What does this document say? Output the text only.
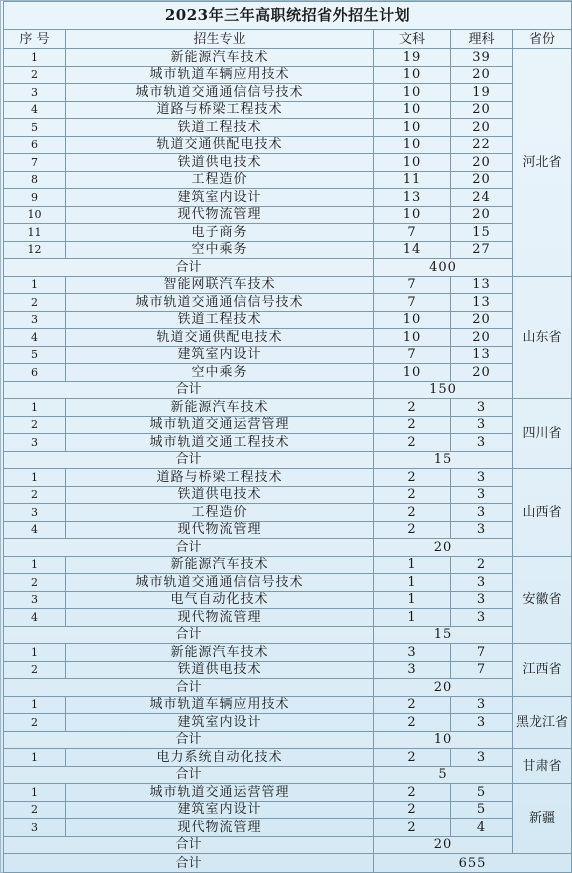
2023年三年高职统招省外招生计划				
序 号	招生专业	文科	理科	省份
1	新能源汽车技术	19	39	河北省
2	城市轨道车辆应用技术	10	20	
3	城市轨道交通通信信号技术	10	19	
4	道路与桥梁工程技术	10	20	
5	铁道工程技术	10	20	
6	轨道交通供配电技术	10	22	
7	铁道供电技术	10	20	
8	工程造价	11	20	
9	建筑室内设计	13	24	
10	现代物流管理	10	20	
11	电子商务	7	15	
12	空中乘务	14	27	
合计		400		
1	智能网联汽车技术	7	13	山东省
2	城市轨道交通通信信号技术	7	13	
3	铁道工程技术	10	20	
4	轨道交通供配电技术	10	20	
5	建筑室内设计	7	13	
6	空中乘务	10	20	
合计		150		
1	新能源汽车技术	2	3	四川省
2	城市轨道交通运营管理	2	3	
3	城市轨道交通工程技术	2	3	
合计		15		
1	道路与桥梁工程技术	2	3	山西省
2	铁道供电技术	2	3	
3	工程造价	2	3	
4	现代物流管理	2	3	
合计		20		
1	新能源汽车技术	1	2	安徽省
2	城市轨道交通通信信号技术	1	3	
3	电气自动化技术	1	3	
4	现代物流管理	1	3	
合计		15		
1	新能源汽车技术	3	7	江西省
2	铁道供电技术	3	7	
合计		20		
1	城市轨道车辆应用技术	2	3	黑龙江省
2	建筑室内设计	2	3	
合计		10		
1	电力系统自动化技术	2	3	甘肃省
合计		5		
1	城市轨道交通运营管理	2	5	新疆
2	建筑室内设计	2	5	
3	现代物流管理	2	4	
合计		20		
合计		655		
